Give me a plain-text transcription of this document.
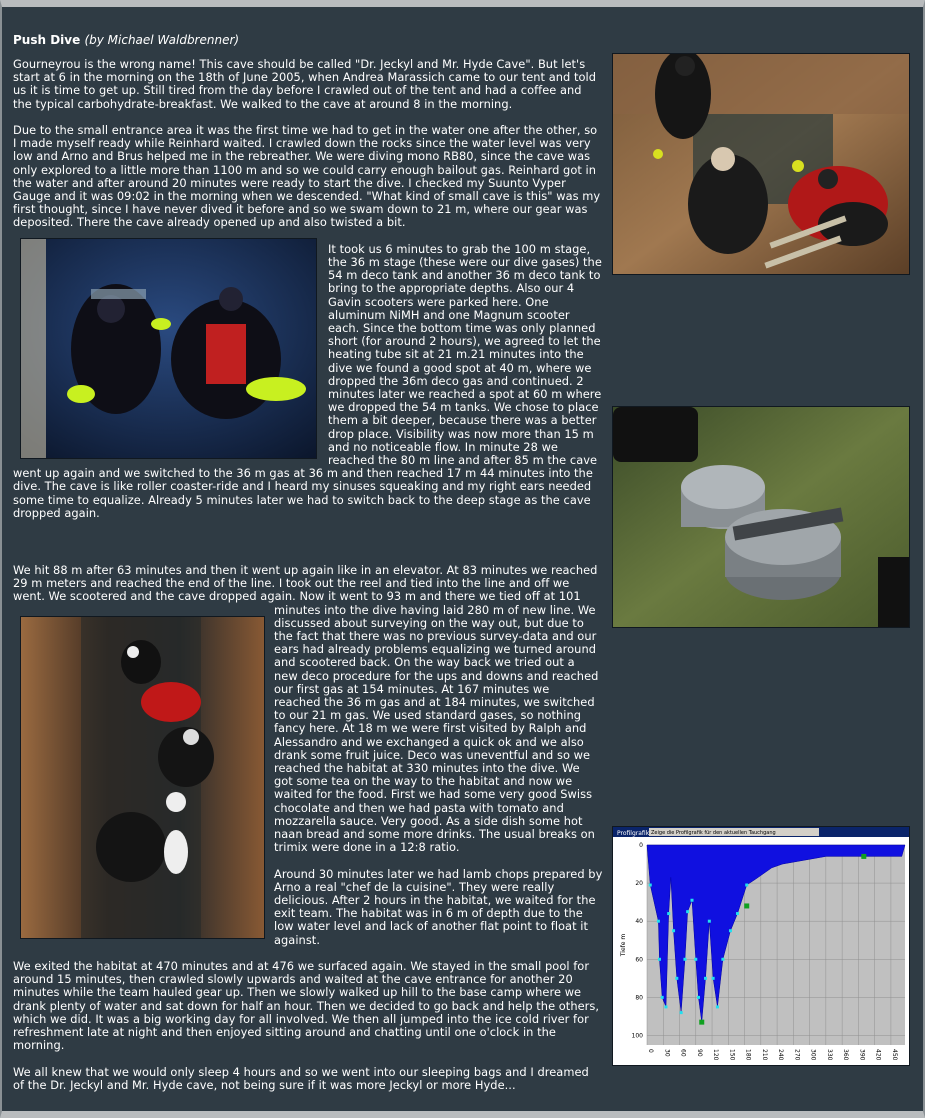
Push Dive (by Michael Waldbrenner)
Profilgrafik Zeige die Profilgrafik für den aktuellen Tauchgang
0
20
40
60
80
100
0 30 60 90 120 150 180 210 240 270 300 330 360 390 420 450
Tiefe m

Gourneyrou is the wrong name! This cave should be called "Dr. Jeckyl and Mr. Hyde Cave". But let's start at 6 in the morning on the 18th of June 2005, when Andrea Marassich came to our tent and told us it is time to get up. Still tired from the day before I crawled out of the tent and had a coffee and the typical carbohydrate-breakfast. We walked to the cave at around 8 in the morning.

Due to the small entrance area it was the first time we had to get in the water one after the other, so I made myself ready while Reinhard waited. I crawled down the rocks since the water level was very low and Arno and Brus helped me in the rebreather. We were diving mono RB80, since the cave was only explored to a little more than 1100 m and so we could carry enough bailout gas. Reinhard got in the water and after around 20 minutes were ready to start the dive. I checked my Suunto Vyper Gauge and it was 09:02 in the morning when we descended. "What kind of small cave is this" was my first thought, since I have never dived it before and so we swam down to 21 m, where our gear was deposited. There the cave already opened up and also twisted a bit.

It took us 6 minutes to grab the 100 m stage, the 36 m stage (these were our dive gases) the 54 m deco tank and another 36 m deco tank to bring to the appropriate depths. Also our 4 Gavin scooters were parked here. One aluminum NiMH and one Magnum scooter each. Since the bottom time was only planned short (for around 2 hours), we agreed to let the heating tube sit at 21 m.21 minutes into the dive we found a good spot at 40 m, where we dropped the 36m deco gas and continued. 2 minutes later we reached a spot at 60 m where we dropped the 54 m tanks. We chose to place them a bit deeper, because there was a better drop place. Visibility was now more than 15 m and no noticeable flow. In minute 28 we reached the 80 m line and after 85 m the cave went up again and we switched to the 36 m gas at 36 m and then reached 17 m 44 minutes into the dive. The cave is like roller coaster-ride and I heard my sinuses squeaking and my right ears needed some time to equalize. Already 5 minutes later we had to switch back to the deep stage as the cave dropped again.

We hit 88 m after 63 minutes and then it went up again like in an elevator. At 83 minutes we reached 29 m meters and reached the end of the line. I took out the reel and tied into the line and off we went. We scootered and the cave dropped again. Now it went to 93 m and there we tied off at 101 minutes into the dive having laid 280 m of new line. We discussed about surveying on the way out, but due to the fact that there was no previous survey-data and our ears had already problems equalizing we turned around and scootered back. On the way back we tried out a new deco procedure for the ups and downs and reached our first gas at 154 minutes. At 167 minutes we reached the 36 m gas and at 184 minutes, we switched to our 21 m gas. We used standard gases, so nothing fancy here. At 18 m we were first visited by Ralph and Alessandro and we exchanged a quick ok and we also drank some fruit juice. Deco was uneventful and so we reached the habitat at 330 minutes into the dive. We got some tea on the way to the habitat and now we waited for the food. First we had some very good Swiss chocolate and then we had pasta with tomato and mozzarella sauce. Very good. As a side dish some hot naan bread and some more drinks. The usual breaks on trimix were done in a 12:8 ratio.

Around 30 minutes later we had lamb chops prepared by Arno a real "chef de la cuisine". They were really delicious. After 2 hours in the habitat, we waited for the exit team. The habitat was in 6 m of depth due to the low water level and lack of another flat point to float it against.

We exited the habitat at 470 minutes and at 476 we surfaced again. We stayed in the small pool for around 15 minutes, then crawled slowly upwards and waited at the cave entrance for another 20 minutes while the team hauled gear up. Then we slowly walked up hill to the base camp where we drank plenty of water and sat down for half an hour. Then we decided to go back and help the others, which we did. It was a big working day for all involved. We then all jumped into the ice cold river for refreshment late at night and then enjoyed sitting around and chatting until one o'clock in the morning.

We all knew that we would only sleep 4 hours and so we went into our sleeping bags and I dreamed of the Dr. Jeckyl and Mr. Hyde cave, not being sure if it was more Jeckyl or more Hyde...
